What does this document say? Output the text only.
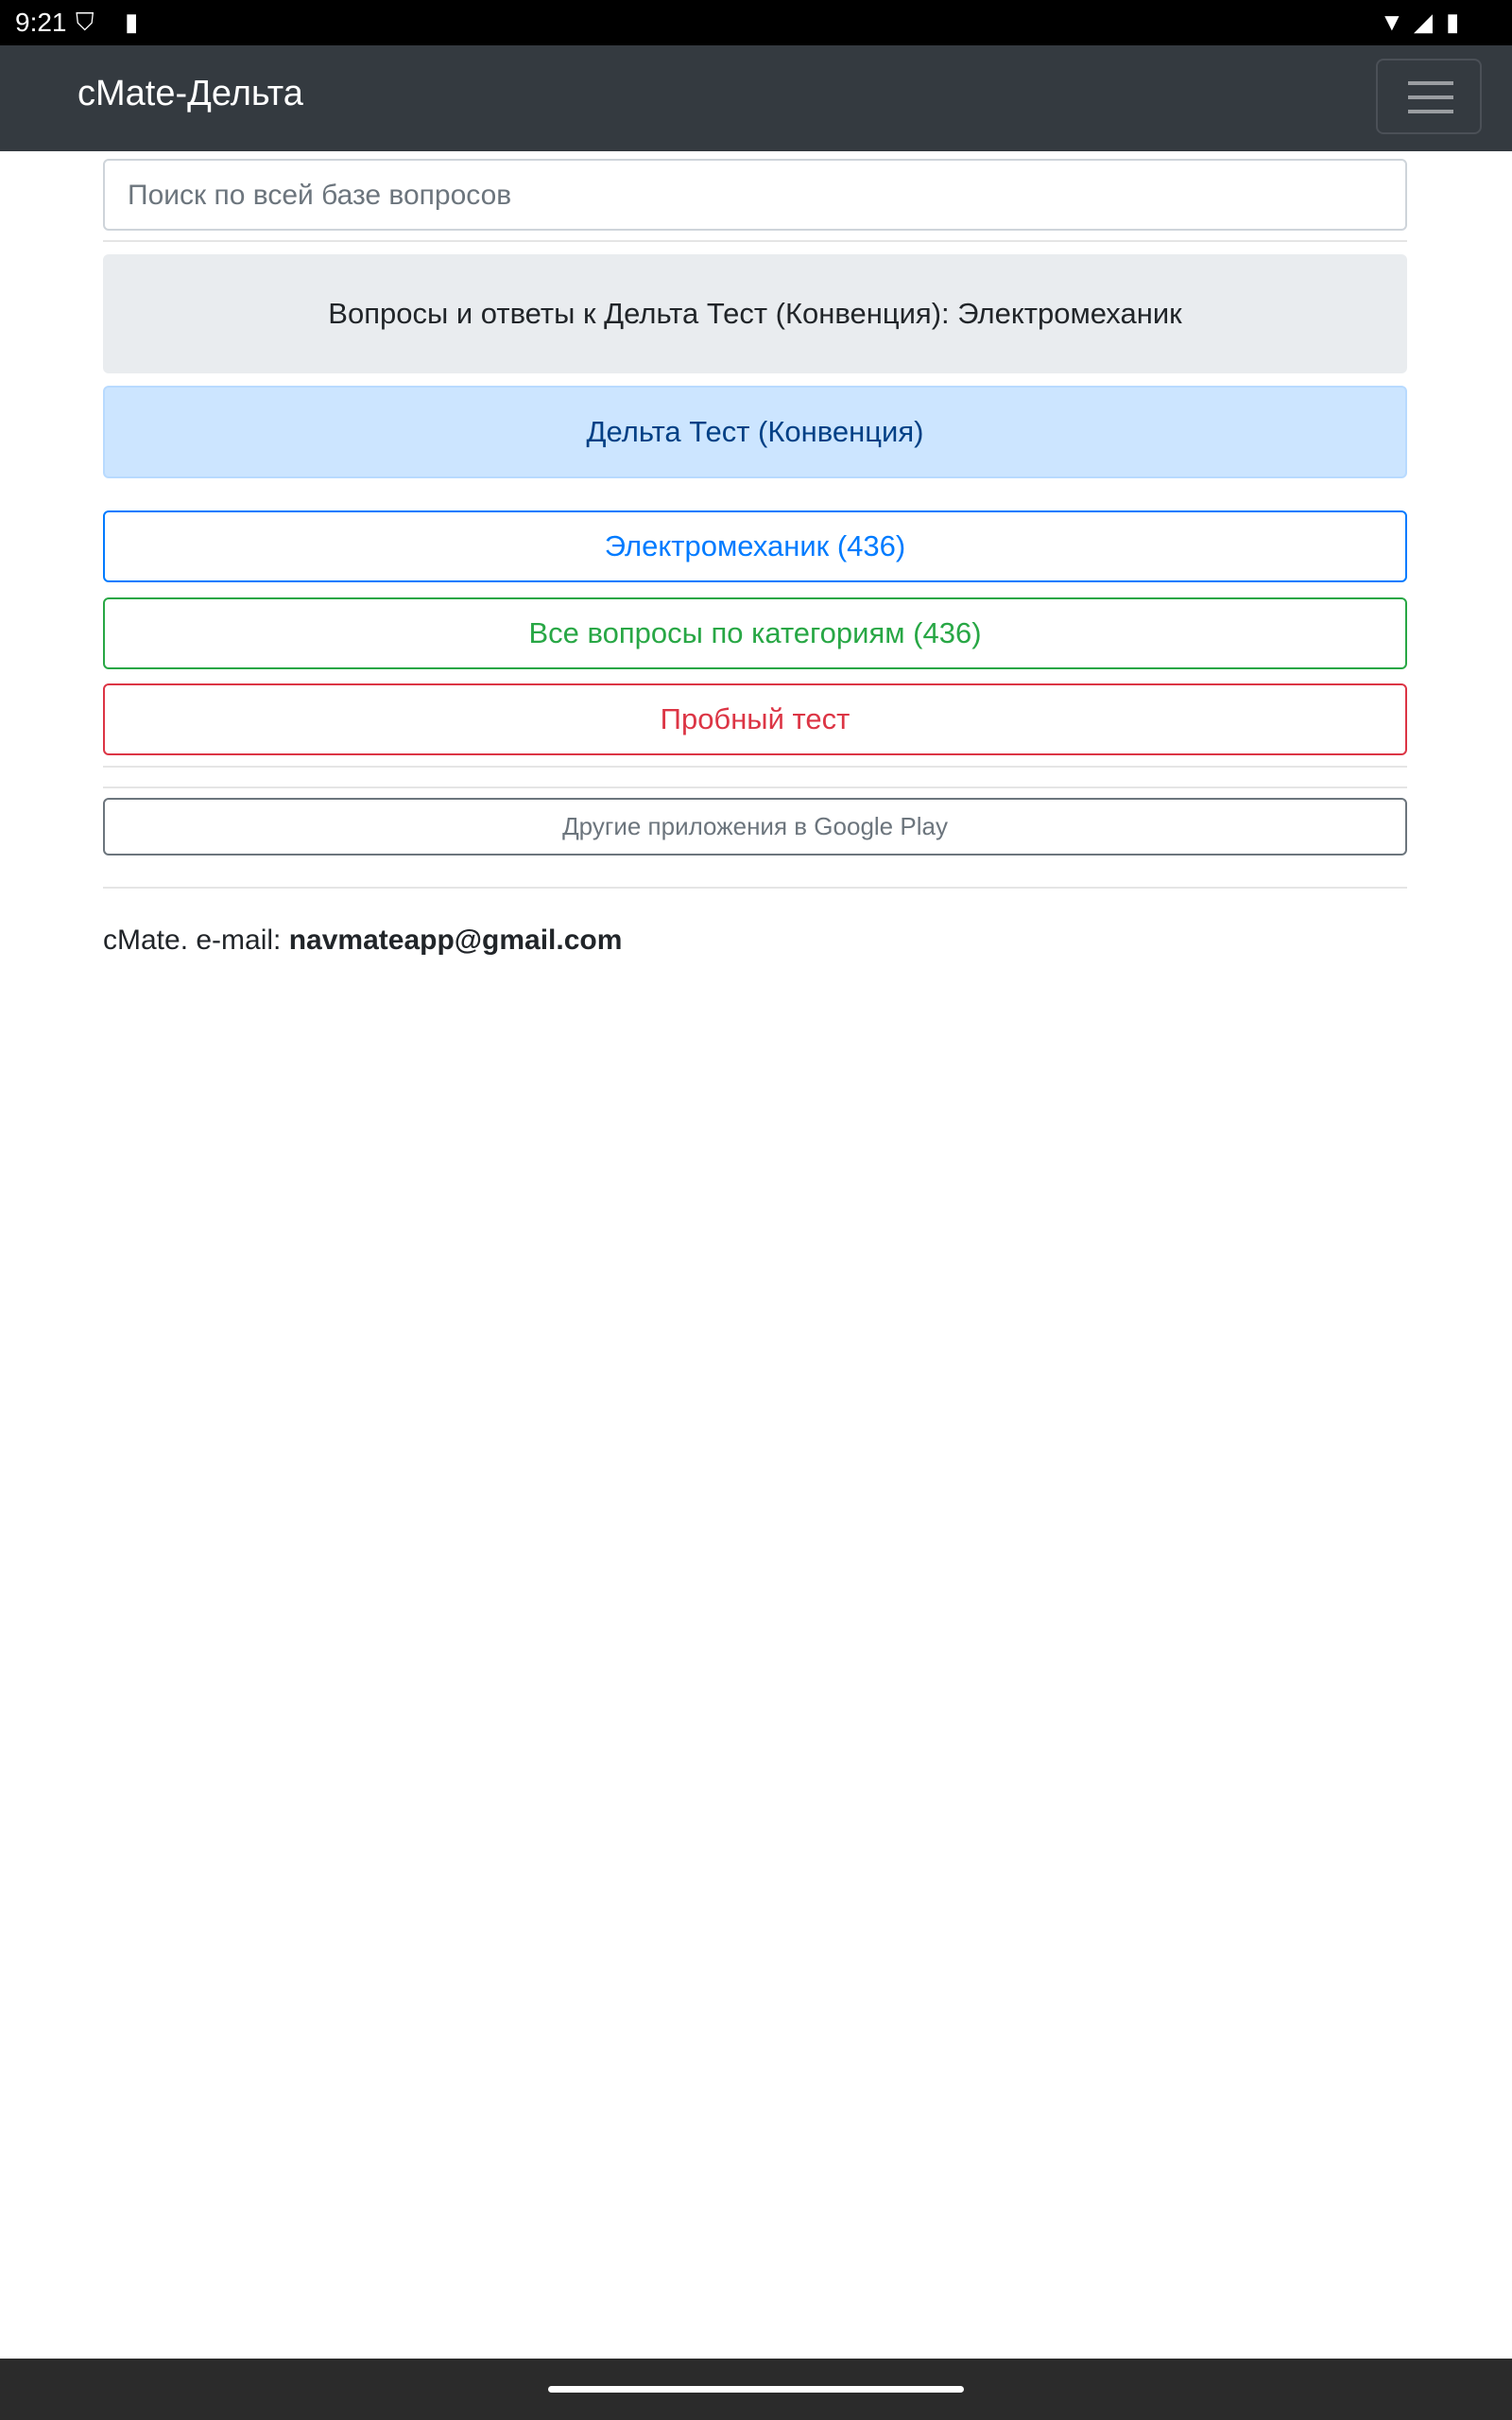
9:21 ⛉ ▮	▼ ◢ ▮
cMate-Дельта
Поиск по всей базе вопросов
Вопросы и ответы к Дельта Тест (Конвенция): Электромеханик
Дельта Тест (Конвенция)
Электромеханик (436)
Все вопросы по категориям (436)
Пробный тест
Другие приложения в Google Play
cMate. e-mail: navmateapp@gmail.com
